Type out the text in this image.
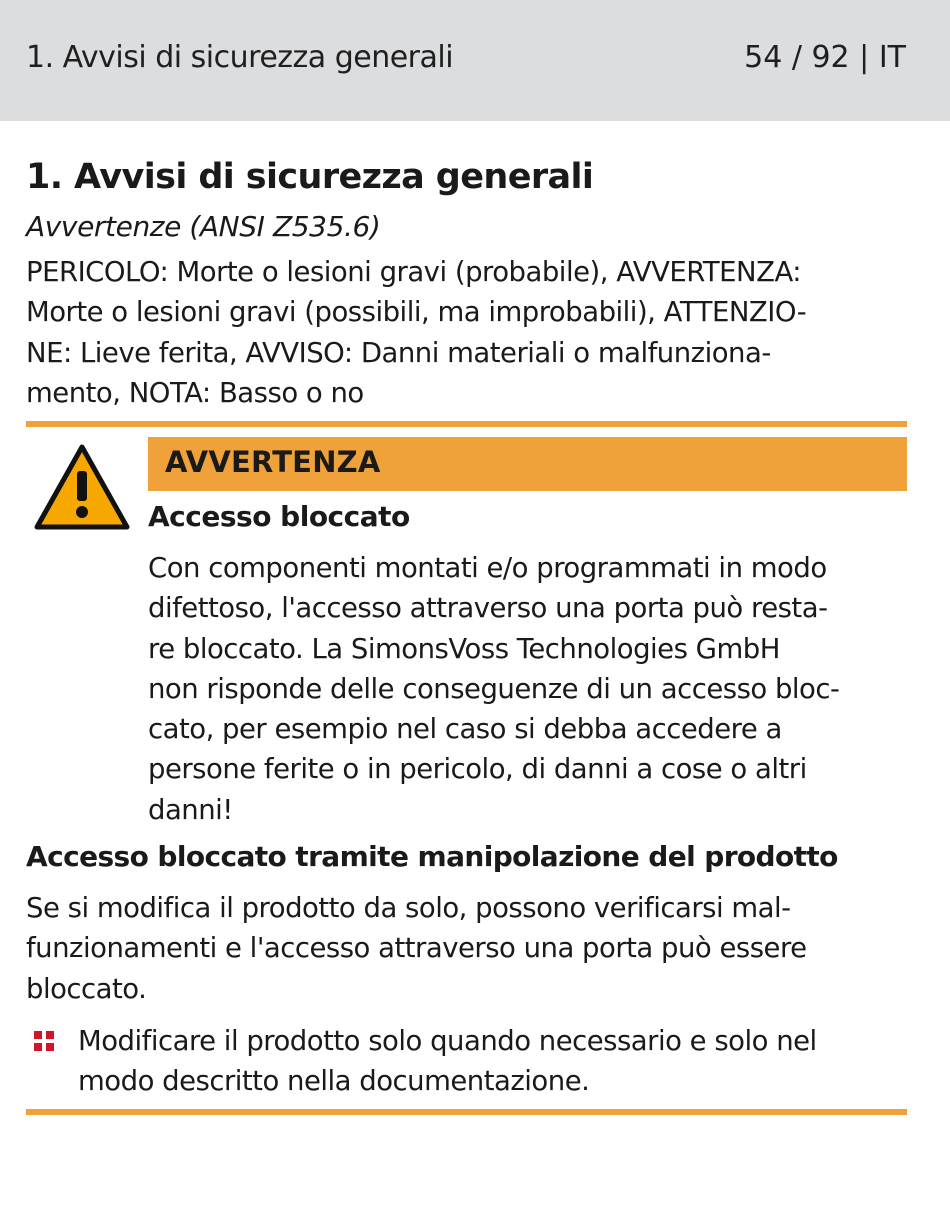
1. Avvisi di sicurezza generali	54 / 92 | IT
1. Avvisi di sicurezza generali
Avvertenze (ANSI Z535.6)
PERICOLO: Morte o lesioni gravi (probabile), AVVERTENZA:
Morte o lesioni gravi (possibili, ma improbabili), ATTENZIO-
NE: Lieve ferita, AVVISO: Danni materiali o malfunziona-
mento, NOTA: Basso o no
AVVERTENZA
Accesso bloccato
Con componenti montati e/o programmati in modo
difettoso, l'accesso attraverso una porta può resta-
re bloccato. La SimonsVoss Technologies GmbH
non risponde delle conseguenze di un accesso bloc-
cato, per esempio nel caso si debba accedere a
persone ferite o in pericolo, di danni a cose o altri
danni!
Accesso bloccato tramite manipolazione del prodotto
Se si modifica il prodotto da solo, possono verificarsi mal-
funzionamenti e l'accesso attraverso una porta può essere
bloccato.
Modificare il prodotto solo quando necessario e solo nel
modo descritto nella documentazione.
